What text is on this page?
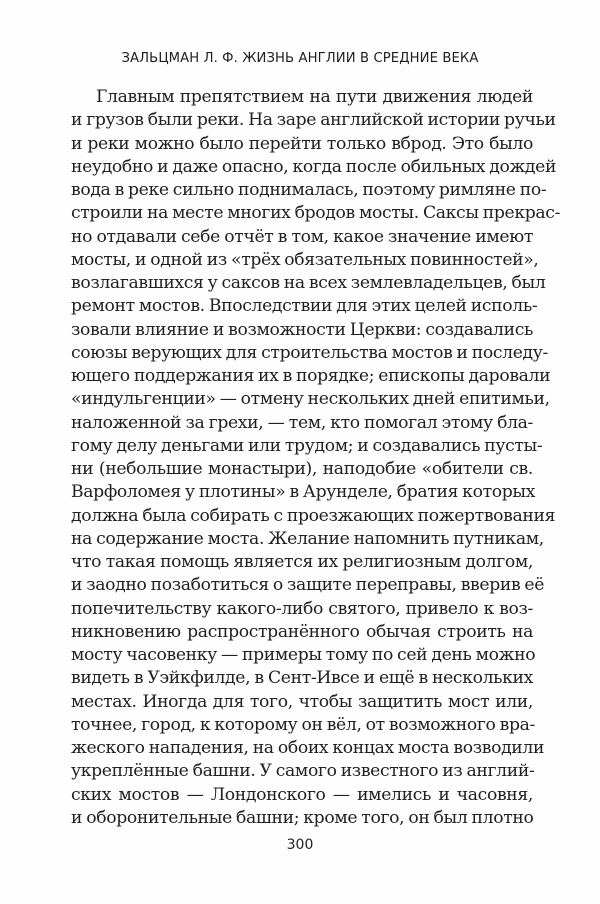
ЗАЛЬЦМАН Л. Ф. ЖИЗНЬ АНГЛИИ В СРЕДНИЕ ВЕКА
Главным препятствием на пути движения людей
и грузов были реки. На заре английской истории ручьи
и реки можно было перейти только вброд. Это было
неудобно и даже опасно, когда после обильных дождей
вода в реке сильно поднималась, поэтому римляне по-
строили на месте многих бродов мосты. Саксы прекрас-
но отдавали себе отчёт в том, какое значение имеют
мосты, и одной из «трёх обязательных повинностей»,
возлагавшихся у саксов на всех землевладельцев, был
ремонт мостов. Впоследствии для этих целей исполь-
зовали влияние и возможности Церкви: создавались
союзы верующих для строительства мостов и последу-
ющего поддержания их в порядке; епископы даровали
«индульгенции» — отмену нескольких дней епитимьи,
наложенной за грехи, — тем, кто помогал этому бла-
гому делу деньгами или трудом; и создавались пусты-
ни (небольшие монастыри), наподобие «обители св.
Варфоломея у плотины» в Арунделе, братия которых
должна была собирать с проезжающих пожертвования
на содержание моста. Желание напомнить путникам,
что такая помощь является их религиозным долгом,
и заодно позаботиться о защите переправы, вверив её
попечительству какого-либо святого, привело к воз-
никновению распространённого обычая строить на
мосту часовенку — примеры тому по сей день можно
видеть в Уэйкфилде, в Сент-Ивсе и ещё в нескольких
местах. Иногда для того, чтобы защитить мост или,
точнее, город, к которому он вёл, от возможного вра-
жеского нападения, на обоих концах моста возводили
укреплённые башни. У самого известного из англий-
ских мостов — Лондонского — имелись и часовня,
и оборонительные башни; кроме того, он был плотно
300
